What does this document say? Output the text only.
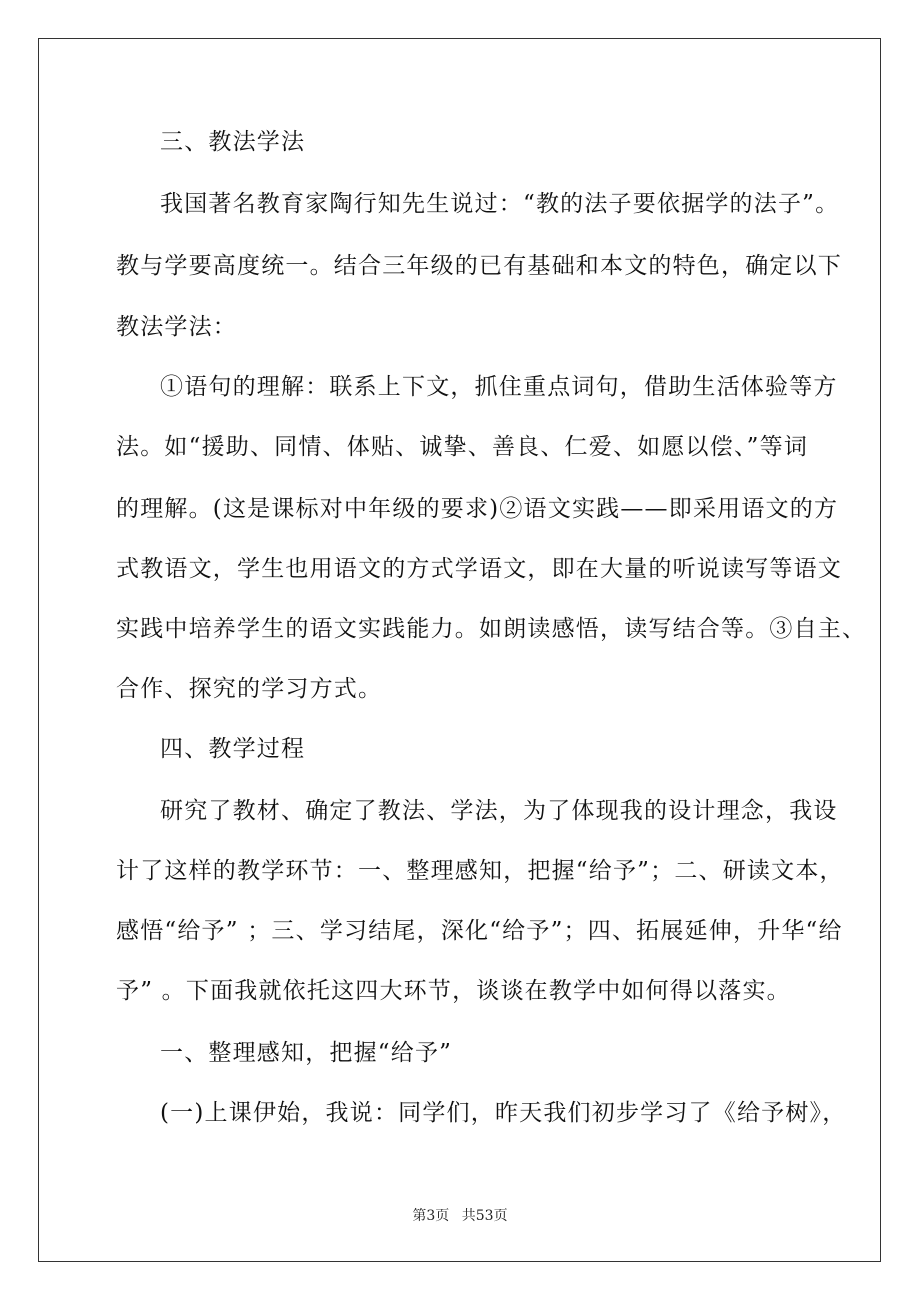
三、教法学法
我国著名教育家陶行知先生说过：“教的法子要依据学的法子”。
教与学要高度统一。结合三年级的已有基础和本文的特色，确定以下
教法学法：
①语句的理解：联系上下文，抓住重点词句，借助生活体验等方
法。如“援助、同情、体贴、诚挚、善良、仁爱、如愿以偿、”等词
的理解。(这是课标对中年级的要求)②语文实践——即采用语文的方
式教语文，学生也用语文的方式学语文，即在大量的听说读写等语文
实践中培养学生的语文实践能力。如朗读感悟，读写结合等。③自主、
合作、探究的学习方式。
四、教学过程
研究了教材、确定了教法、学法，为了体现我的设计理念，我设
计了这样的教学环节：一、整理感知，把握“给予”；二、研读文本，
感悟“给予” ；三、学习结尾，深化“给予”；四、拓展延伸，升华“给
予” 。下面我就依托这四大环节，谈谈在教学中如何得以落实。
一、整理感知，把握“给予”
(一)上课伊始，我说：同学们，昨天我们初步学习了《给予树》，
第3页 共53页
